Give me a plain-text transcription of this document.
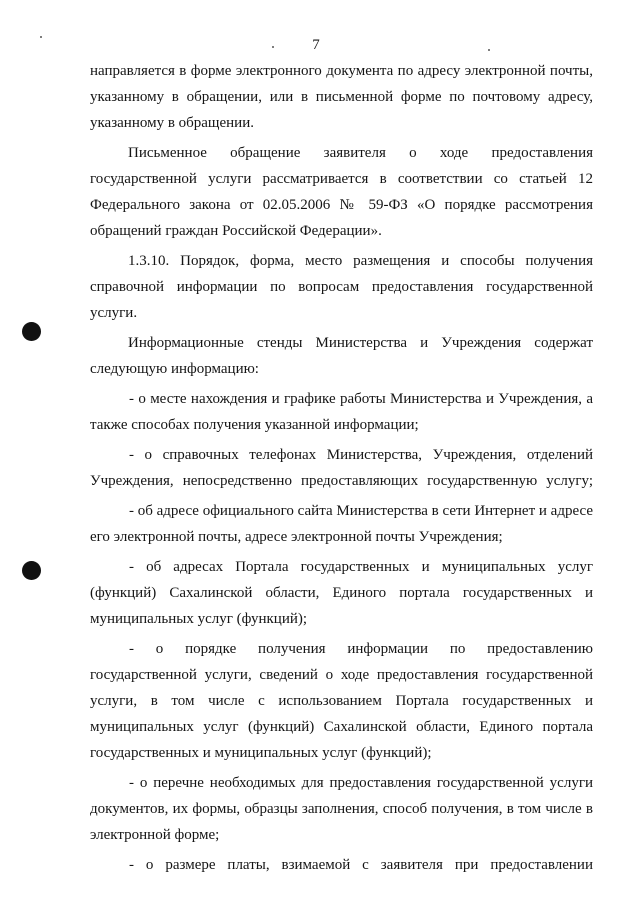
7
направляется в форме электронного документа по адресу электронной почты,
указанному в обращении, или в письменной форме по почтовому адресу,
указанному в обращении.
Письменное обращение заявителя о ходе предоставления
государственной услуги рассматривается в соответствии со статьей 12
Федерального закона от 02.05.2006 № 59-ФЗ «О порядке рассмотрения
обращений граждан Российской Федерации».
1.3.10. Порядок, форма, место размещения и способы получения
справочной информации по вопросам предоставления государственной
услуги.
Информационные стенды Министерства и Учреждения содержат
следующую информацию:
- о месте нахождения и графике работы Министерства и Учреждения, а
также способах получения указанной информации;
- о справочных телефонах Министерства, Учреждения, отделений
Учреждения, непосредственно предоставляющих государственную услугу;
- об адресе официального сайта Министерства в сети Интернет и адресе
его электронной почты, адресе электронной почты Учреждения;
- об адресах Портала государственных и муниципальных услуг
(функций) Сахалинской области, Единого портала государственных и
муниципальных услуг (функций);
- о порядке получения информации по предоставлению
государственной услуги, сведений о ходе предоставления государственной
услуги, в том числе с использованием Портала государственных и
муниципальных услуг (функций) Сахалинской области, Единого портала
государственных и муниципальных услуг (функций);
- о перечне необходимых для предоставления государственной услуги
документов, их формы, образцы заполнения, способ получения, в том числе в
электронной форме;
- о размере платы, взимаемой с заявителя при предоставлении
